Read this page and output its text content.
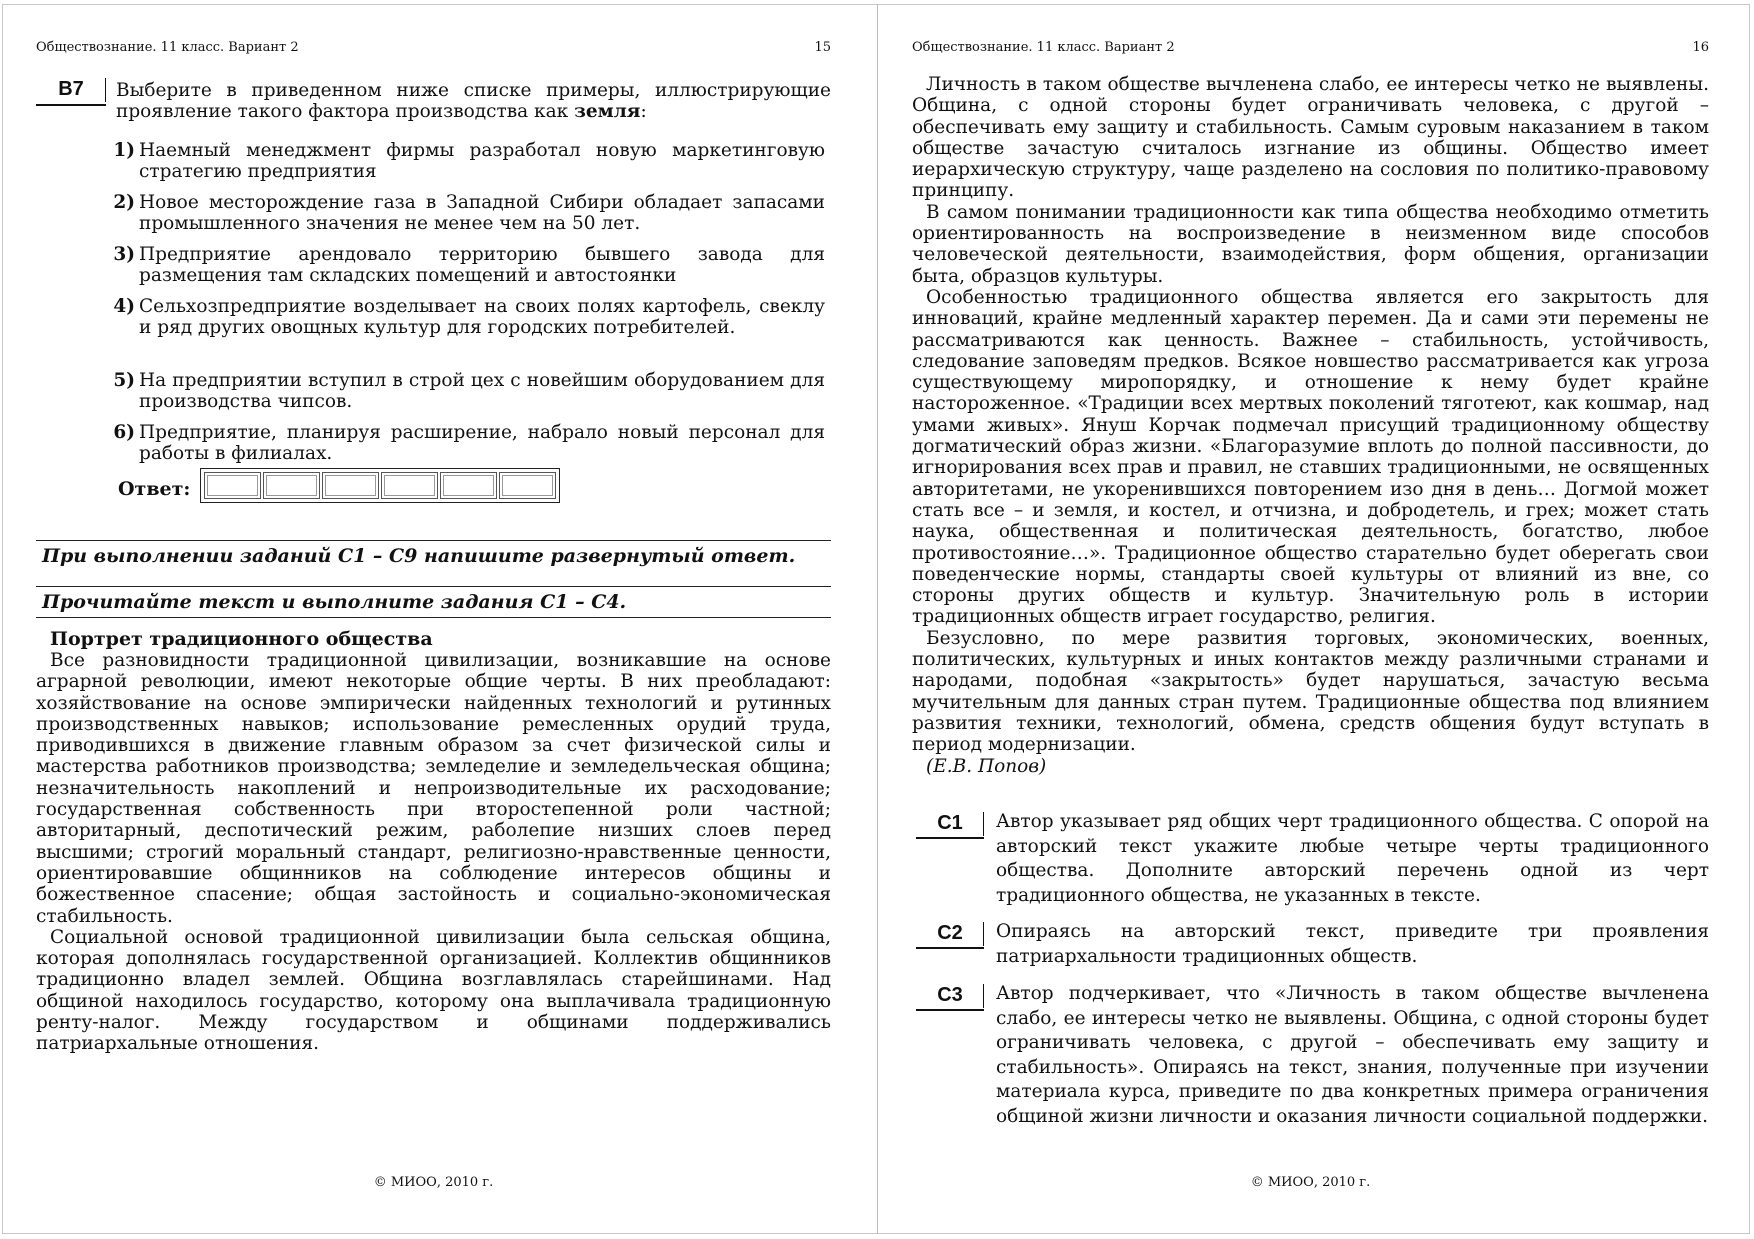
Обществознание. 11 класс. Вариант 2	15
B7	Выберите в приведенном ниже списке примеры, иллюстрирующие проявление такого фактора производства как земля:
1) Наемный менеджмент фирмы разработал новую маркетинговую стратегию предприятия
2) Новое месторождение газа в Западной Сибири обладает запасами промышленного значения не менее чем на 50 лет.
3) Предприятие арендовало территорию бывшего завода для размещения там складских помещений и автостоянки
4) Сельхозпредприятие возделывает на своих полях картофель, свеклу и ряд других овощных культур для городских потребителей.
5) На предприятии вступил в строй цех с новейшим оборудованием для производства чипсов.
6) Предприятие, планируя расширение, набрало новый персонал для работы в филиалах.
Ответ:
При выполнении заданий С1 – С9 напишите развернутый ответ.
Прочитайте текст и выполните задания С1 – С4.
Портрет традиционного общества

Все разновидности традиционной цивилизации, возникавшие на основе аграрной революции, имеют некоторые общие черты. В них преобладают: хозяйствование на основе эмпирически найденных технологий и рутинных производственных навыков; использование ремесленных орудий труда, приводившихся в движение главным образом за счет физической силы и мастерства работников производства; земледелие и земледельческая община; незначительность накоплений и непроизводительные их расходование; государственная собственность при второстепенной роли частной; авторитарный, деспотический режим, раболепие низших слоев перед высшими; строгий моральный стандарт, религиозно-нравственные ценности, ориентировавшие общинников на соблюдение интересов общины и божественное спасение; общая застойность и социально-экономическая стабильность.

Социальной основой традиционной цивилизации была сельская община, которая дополнялась государственной организацией. Коллектив общинников традиционно владел землей. Община возглавлялась старейшинами. Над общиной находилось государство, которому она выплачивала традиционную ренту-налог. Между государством и общинами поддерживались патриархальные отношения.

© МИОО, 2010 г.
Обществознание. 11 класс. Вариант 2	16

Личность в таком обществе вычленена слабо, ее интересы четко не выявлены. Община, с одной стороны будет ограничивать человека, с другой – обеспечивать ему защиту и стабильность. Самым суровым наказанием в таком обществе зачастую считалось изгнание из общины. Общество имеет иерархическую структуру, чаще разделено на сословия по политико-правовому принципу.

В самом понимании традиционности как типа общества необходимо отметить ориентированность на воспроизведение в неизменном виде способов человеческой деятельности, взаимодействия, форм общения, организации быта, образцов культуры.

Особенностью традиционного общества является его закрытость для инноваций, крайне медленный характер перемен. Да и сами эти перемены не рассматриваются как ценность. Важнее – стабильность, устойчивость, следование заповедям предков. Всякое новшество рассматривается как угроза существующему миропорядку, и отношение к нему будет крайне настороженное. «Традиции всех мертвых поколений тяготеют, как кошмар, над умами живых». Януш Корчак подмечал присущий традиционному обществу догматический образ жизни. «Благоразумие вплоть до полной пассивности, до игнорирования всех прав и правил, не ставших традиционными, не освященных авторитетами, не укоренившихся повторением изо дня в день… Догмой может стать все – и земля, и костел, и отчизна, и добродетель, и грех; может стать наука, общественная и политическая деятельность, богатство, любое противостояние…». Традиционное общество старательно будет оберегать свои поведенческие нормы, стандарты своей культуры от влияний из вне, со стороны других обществ и культур. Значительную роль в истории традиционных обществ играет государство, религия.

Безусловно, по мере развития торговых, экономических, военных, политических, культурных и иных контактов между различными странами и народами, подобная «закрытость» будет нарушаться, зачастую весьма мучительным для данных стран путем. Традиционные общества под влиянием развития техники, технологий, обмена, средств общения будут вступать в период модернизации.

(Е.В. Попов)

С1	Автор указывает ряд общих черт традиционного общества. С опорой на авторский текст укажите любые четыре черты традиционного общества. Дополните авторский перечень одной из черт традиционного общества, не указанных в тексте.
С2	Опираясь на авторский текст, приведите три проявления патриархальности традиционных обществ.
С3	Автор подчеркивает, что «Личность в таком обществе вычленена слабо, ее интересы четко не выявлены. Община, с одной стороны будет ограничивать человека, с другой – обеспечивать ему защиту и стабильность». Опираясь на текст, знания, полученные при изучении материала курса, приведите по два конкретных примера ограничения общиной жизни личности и оказания личности социальной поддержки.
© МИОО, 2010 г.
